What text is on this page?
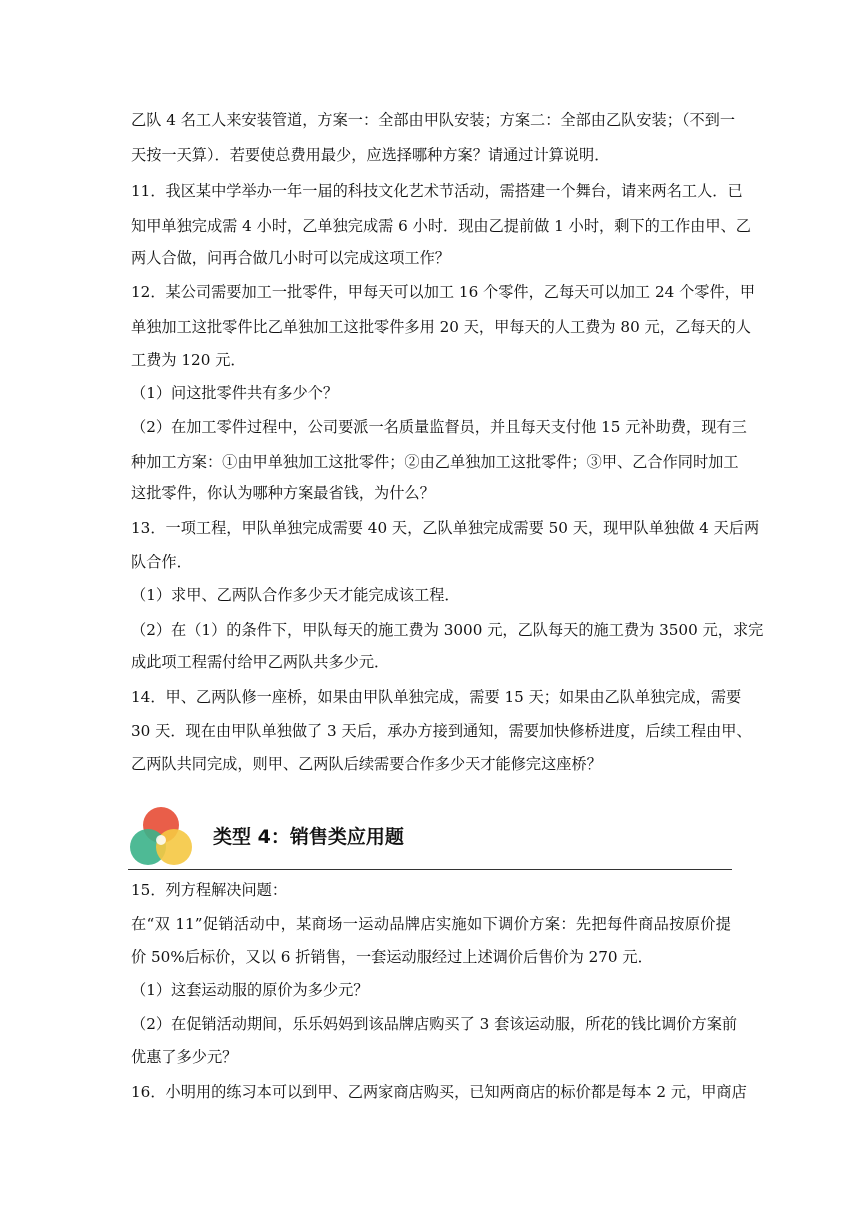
乙队 4 名工人来安装管道，方案一：全部由甲队安装；方案二：全部由乙队安装；（不到一
天按一天算）．若要使总费用最少，应选择哪种方案？请通过计算说明．
11．我区某中学举办一年一届的科技文化艺术节活动，需搭建一个舞台，请来两名工人．已
知甲单独完成需 4 小时，乙单独完成需 6 小时．现由乙提前做 1 小时，剩下的工作由甲、乙
两人合做，问再合做几小时可以完成这项工作？
12．某公司需要加工一批零件，甲每天可以加工 16 个零件，乙每天可以加工 24 个零件，甲
单独加工这批零件比乙单独加工这批零件多用 20 天，甲每天的人工费为 80 元，乙每天的人
工费为 120 元．
（1）问这批零件共有多少个？
（2）在加工零件过程中，公司要派一名质量监督员，并且每天支付他 15 元补助费，现有三
种加工方案：①由甲单独加工这批零件；②由乙单独加工这批零件；③甲、乙合作同时加工
这批零件，你认为哪种方案最省钱，为什么？
13．一项工程，甲队单独完成需要 40 天，乙队单独完成需要 50 天，现甲队单独做 4 天后两
队合作．
（1）求甲、乙两队合作多少天才能完成该工程．
（2）在（1）的条件下，甲队每天的施工费为 3000 元，乙队每天的施工费为 3500 元，求完
成此项工程需付给甲乙两队共多少元．
14．甲、乙两队修一座桥，如果由甲队单独完成，需要 15 天；如果由乙队单独完成，需要
30 天．现在由甲队单独做了 3 天后，承办方接到通知，需要加快修桥进度，后续工程由甲、
乙两队共同完成，则甲、乙两队后续需要合作多少天才能修完这座桥？
类型 4：销售类应用题
15．列方程解决问题：
在“双 11”促销活动中，某商场一运动品牌店实施如下调价方案：先把每件商品按原价提
价 50%后标价，又以 6 折销售，一套运动服经过上述调价后售价为 270 元．
（1）这套运动服的原价为多少元？
（2）在促销活动期间，乐乐妈妈到该品牌店购买了 3 套该运动服，所花的钱比调价方案前
优惠了多少元？
16．小明用的练习本可以到甲、乙两家商店购买，已知两商店的标价都是每本 2 元，甲商店
